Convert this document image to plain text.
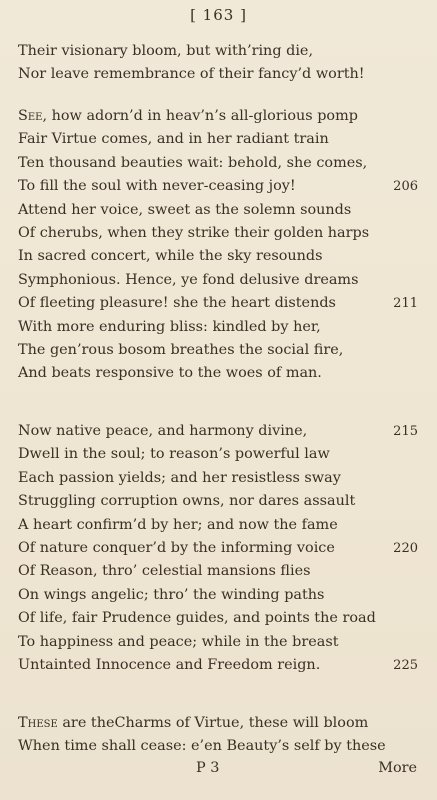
[ 163 ]
Their visionary bloom, but with’ring die,
Nor leave remembrance of their fancy’d worth!
See, how adorn’d in heav’n’s all-glorious pomp
Fair Virtue comes, and in her radiant train
Ten thousand beauties wait: behold, she comes,
To fill the soul with never-ceasing joy!	206
Attend her voice, sweet as the solemn sounds
Of cherubs, when they strike their golden harps
In sacred concert, while the sky resounds
Symphonious. Hence, ye fond delusive dreams
Of fleeting pleasure! she the heart distends	211
With more enduring bliss: kindled by her,
The gen’rous bosom breathes the social fire,
And beats responsive to the woes of man.
Now native peace, and harmony divine,	215
Dwell in the soul; to reason’s powerful law
Each passion yields; and her resistless sway
Struggling corruption owns, nor dares assault
A heart confirm’d by her; and now the fame
Of nature conquer’d by the informing voice	220
Of Reason, thro’ celestial mansions flies
On wings angelic; thro’ the winding paths
Of life, fair Prudence guides, and points the road
To happiness and peace; while in the breast
Untainted Innocence and Freedom reign.	225
These are theCharms of Virtue, these will bloom
When time shall cease: e’en Beauty’s self by these
P 3	More
